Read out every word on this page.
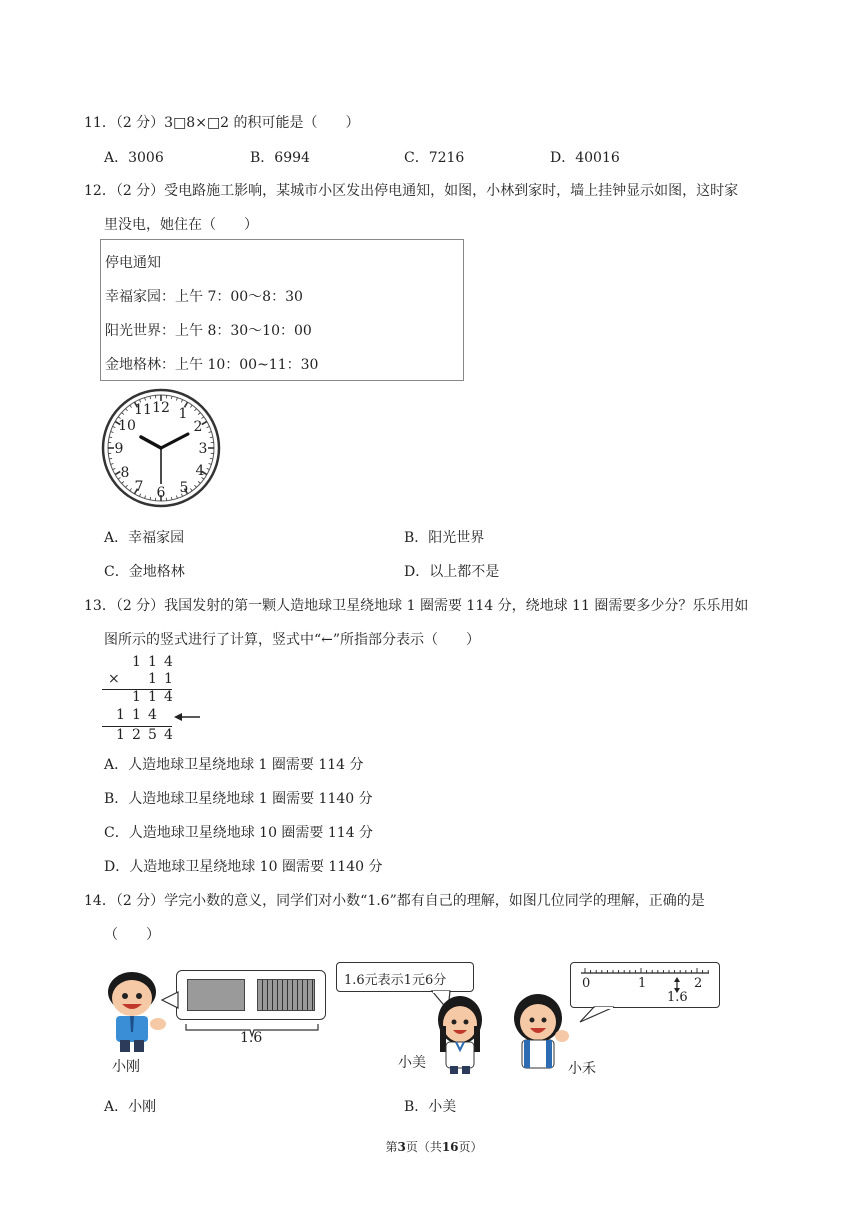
11．（2 分）3□8×□2 的积可能是（　　）
A．3006	B．6994	C．7216	D．40016
12．（2 分）受电路施工影响，某城市小区发出停电通知，如图，小林到家时，墙上挂钟显示如图，这时家
里没电，她住在（　　）
停电通知
幸福家园：上午 7：00～8：30
阳光世界：上午 8：30～10：00
金地格林：上午 10：00~11：30
12 1
2
3
4
5
6
7
8
9
10
11
A．幸福家园	B．阳光世界
C．金地格林	D．以上都不是
13．（2 分）我国发射的第一颗人造地球卫星绕地球 1 圈需要 114 分，绕地球 11 圈需要多少分？乐乐用如
图所示的竖式进行了计算，竖式中“←”所指部分表示（　　）
1 1 4
× 1 1
1 1 4
1 1 4
1 2 5 4
A．人造地球卫星绕地球 1 圈需要 114 分
B．人造地球卫星绕地球 1 圈需要 1140 分
C．人造地球卫星绕地球 10 圈需要 114 分
D．人造地球卫星绕地球 10 圈需要 1140 分
14．（2 分）学完小数的意义，同学们对小数“1.6”都有自己的理解，如图几位同学的理解，正确的是
（　　）
小刚
1.6
1.6元表示1元6分
小美	小禾
0	1	2
1.6
A．小刚	B．小美
第3页（共16页）
